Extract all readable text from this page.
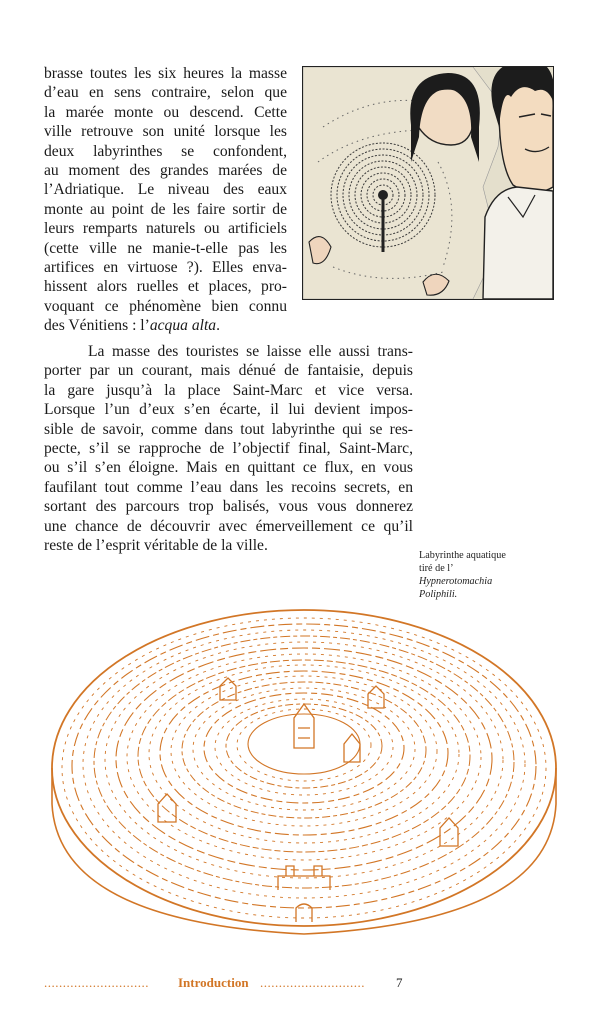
brasse toutes les six heures la masse
d’eau en sens contraire, selon que
la marée monte ou descend. Cette
ville retrouve son unité lorsque les
deux labyrinthes se confondent,
au moment des grandes marées de
l’Adriatique. Le niveau des eaux
monte au point de les faire sortir de
leurs remparts naturels ou artificiels
(cette ville ne manie-t-elle pas les
artifices en virtuose ?). Elles enva-
hissent alors ruelles et places, pro-
voquant ce phénomène bien connu
des Vénitiens : l’acqua alta.
La masse des touristes se laisse elle aussi trans-
porter par un courant, mais dénué de fantaisie, depuis
la gare jusqu’à la place Saint-Marc et vice versa.
Lorsque l’un d’eux s’en écarte, il lui devient impos-
sible de savoir, comme dans tout labyrinthe qui se res-
pecte, s’il se rapproche de l’objectif final, Saint-Marc,
ou s’il s’en éloigne. Mais en quittant ce flux, en vous
faufilant tout comme l’eau dans les recoins secrets, en
sortant des parcours trop balisés, vous vous donnerez
une chance de découvrir avec émerveillement ce qu’il
reste de l’esprit véritable de la ville.
Labyrinthe aquatique
tiré de l’
Hypnerotomachia
Poliphili.
............................ Introduction ............................ 7
